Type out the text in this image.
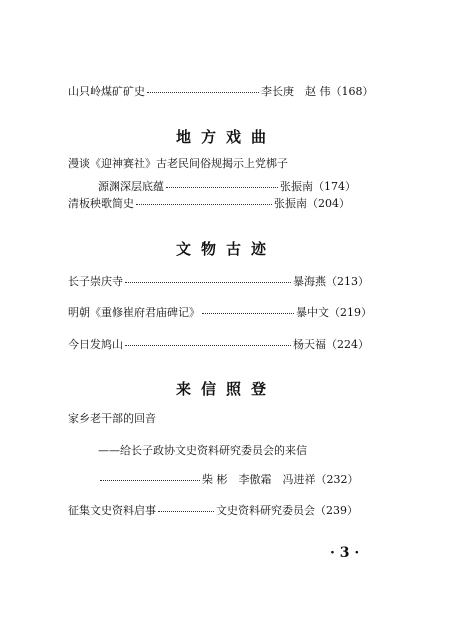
山只岭煤矿矿史	李长庚　赵 伟（168）
地方戏曲
漫谈《迎神赛社》古老民间俗规揭示上党梆子
源渊深层底蕴	张振南（174）
清板秧歌简史	张振南（204）
文物古迹
长子崇庆寺	暴海燕（213）
明朝《重修崔府君庙碑记》	暴中文（219）
今日发鸠山	杨天福（224）
来信照登
家乡老干部的回音
——给长子政协文史资料研究委员会的来信
柴 彬　李傲霜　冯进祥（232）
征集文史资料启事	文史资料研究委员会（239）
· 3 ·
